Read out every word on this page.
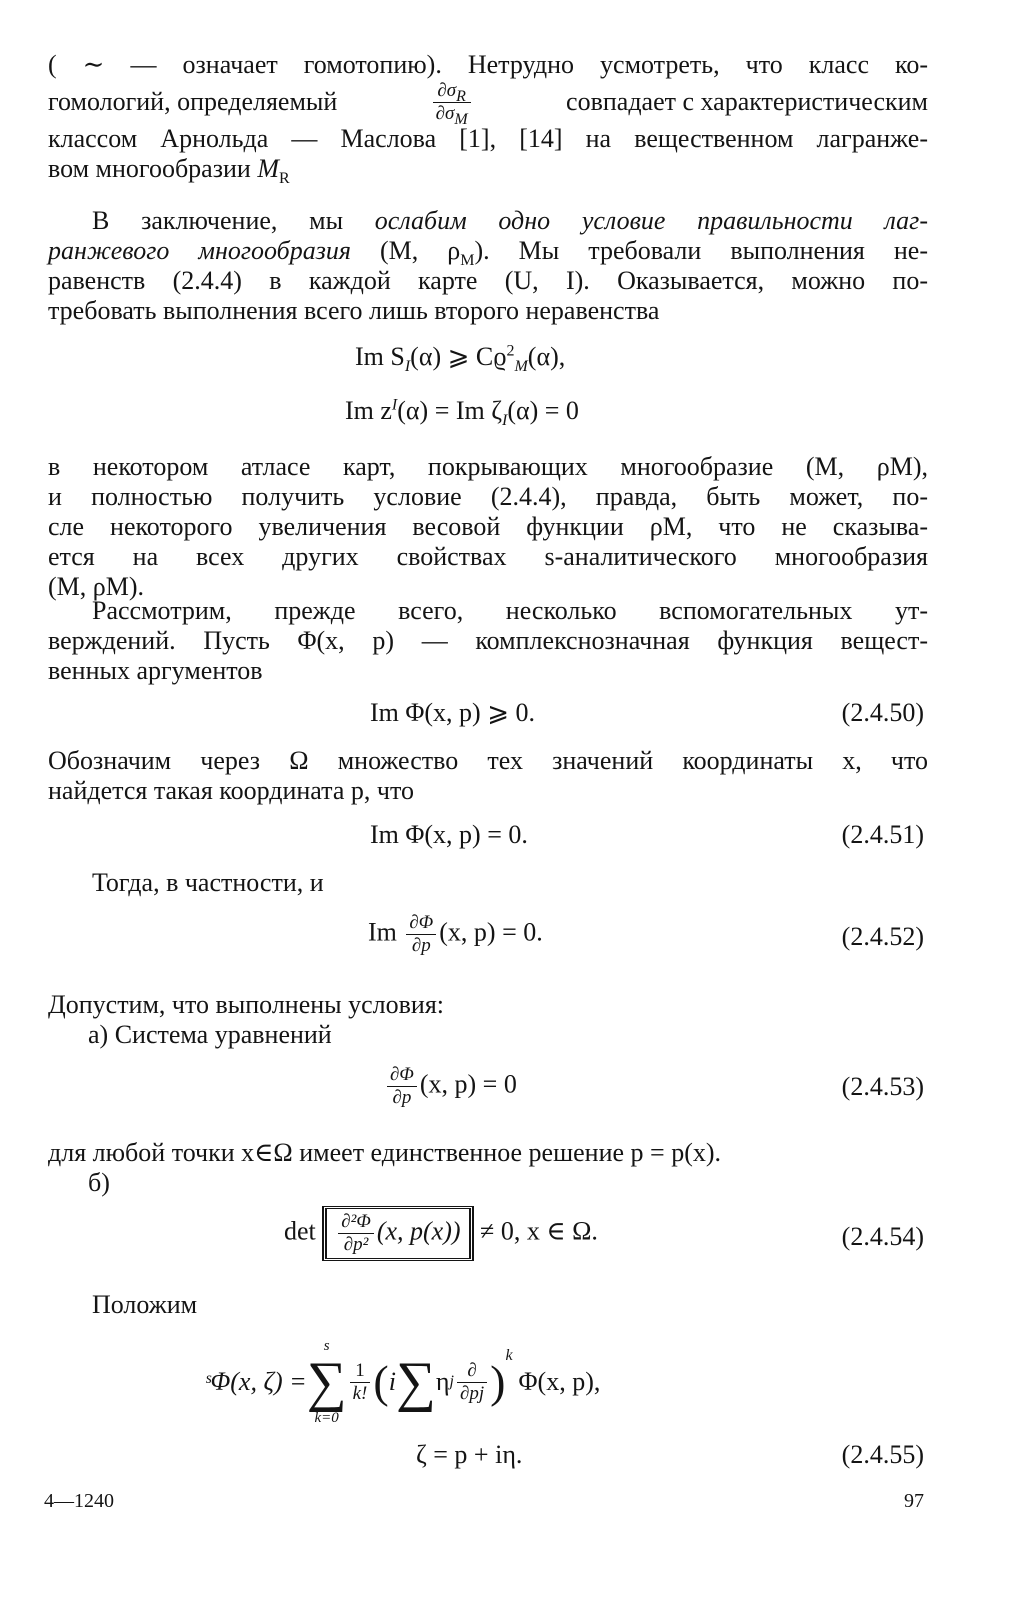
( ∼ — означает гомотопию). Нетрудно усмотреть, что класс ко-
гомологий, определяемый	$\frac{\partial\sigma_R}{\partial\sigma_M}$	совпадает с характеристическим
классом Арнольда — Маслова [1], [14] на вещественном лагранже-
вом многообразии $M_R$
В заключение, мы ослабим одно условие правильности лаг-
ранжевого многообразия (M, $\rho_M$). Мы требовали выполнения не-
равенств (2.4.4) в каждой карте (U, I). Оказывается, можно по-
требовать выполнения всего лишь второго неравенства
Im $S_I(\alpha)$ ⩾ $Cϱ^2_M(\alpha)$,
Im $z^I(\alpha) = Im$ $\zeta_I(\alpha) = 0$
в некотором атласе карт, покрывающих многообразие (M, ρM),
и полностью получить условие (2.4.4), правда, быть может, по-
сле некоторого увеличения весовой функции ρM, что не сказыва-
ется на всех других свойствах s-аналитического многообразия
(M, ρM).
Рассмотрим, прежде всего, несколько вспомогательных ут-
верждений. Пусть Φ(x, p) — комплекснозначная функция вещест-
венных аргументов
Im Φ(x, p) ⩾ 0.	(2.4.50)
Обозначим через Ω множество тех значений координаты x, что
найдется такая координата p, что
Im Φ(x, p) = 0.	(2.4.51)
Тогда, в частности, и
Im $\frac{\partial\Phi}{\partial p} (x$, p) = 0.	(2.4.52)
Допустим, что выполнены условия:
а) Система уравнений
$\frac{\partial\Phi}{\partial p} (x$, p) = 0	(2.4.53)
для любой точки x∈Ω имеет единственное решение p = p(x).
б)
$\det \frac{\text{∂²Φ}}{\text{∂p²}} (x$, p(x)) ≠ 0, x ∈ Ω.	(2.4.54)
Положим
ˢΦ(x, ζ) =
s
∑
k=0
$\frac{1}{k!}$ ( i ∑ η j $\frac{\partial}{\partial pj}$ )
k
Φ(x, p),
ζ = p + iη.	(2.4.55)
4—1240	97
